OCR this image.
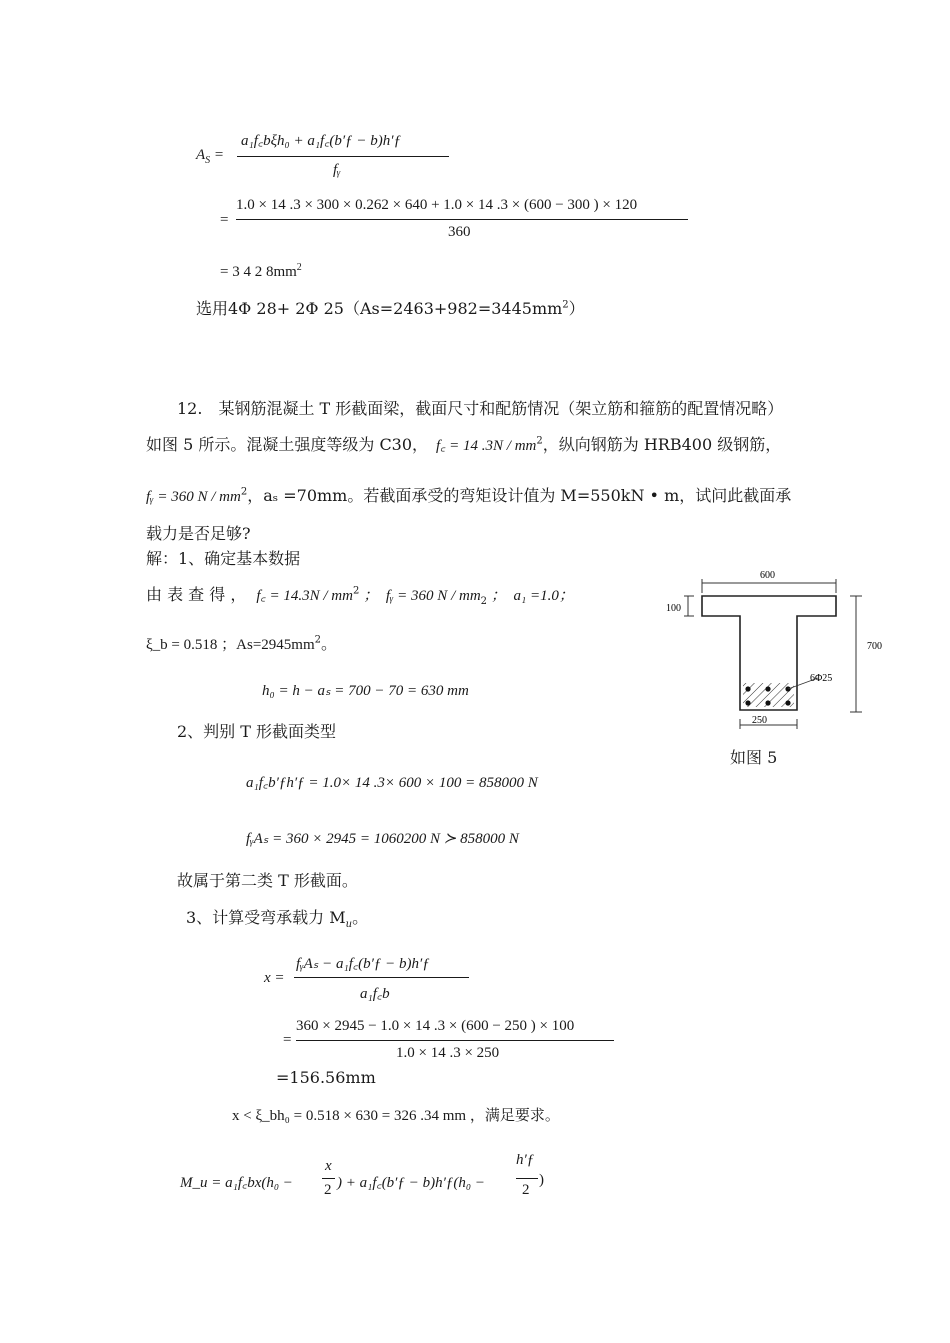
$A_S$ =
a₁f꜀bξh₀ + a₁f꜀(b′ƒ − b)h′ƒ
fᵧ
=
1.0 × 14 .3 × 300 × 0.262 × 640 + 1.0 × 14 .3 × (600 − 300 ) × 120
360
= 3 4 2 $8mm^2$
选用4Φ 28+ 2Φ $25(As=2463+982=3445mm^2)$
12.　某钢筋混凝土 T 形截面梁，截面尺寸和配筋情况（架立筋和箍筋的配置情况略）
如图 5 所示。混凝土强度等级为 C30， f꜀ = 14 $.3N / mm^2$，纵向钢筋为 HRB400 级钢筋，
fᵧ = 360 N / $mm^2$，aₛ =70mm。若截面承受的弯矩设计值为 M=550kN • m，试问此截面承
载力是否足够?
解：1、确定基本数据
由 表 查 得 ， f꜀ = $14.3N / mm^2$ ；　fᵧ = 360 N / $mm_2$ ；　a₁ =1.0；
ξ_b = 0.518 ；$As=2945mm^2$。
h₀ = h − aₛ = 700 − 70 = 630 mm
2、判别 T 形截面类型
a₁f꜀b′ƒh′ƒ = 1.0× 14 .3× 600 × 100 = 858000 N
fᵧAₛ = 360 × 2945 = 1060200 N ≻ 858000 N
故属于第二类 T 形截面。
3、计算受弯承载力 $M_u$。
x =
fᵧAₛ − a₁f꜀(b′ƒ − b)h′ƒ
a₁f꜀b
=
360 × 2945 − 1.0 × 14 .3 × (600 − 250 ) × 100
1.0 × 14 .3 × 250
=156.56mm
x < ξ_bh₀ = 0.518 × 630 = 326 .34 mm ，满足要求。
M_u = a₁f꜀bx(h₀ −
x
2 ) + a₁f꜀(b′ƒ − b)h′ƒ(h₀ −
h′ƒ
2
)
600
100
700
6Φ25
250
如图 5
